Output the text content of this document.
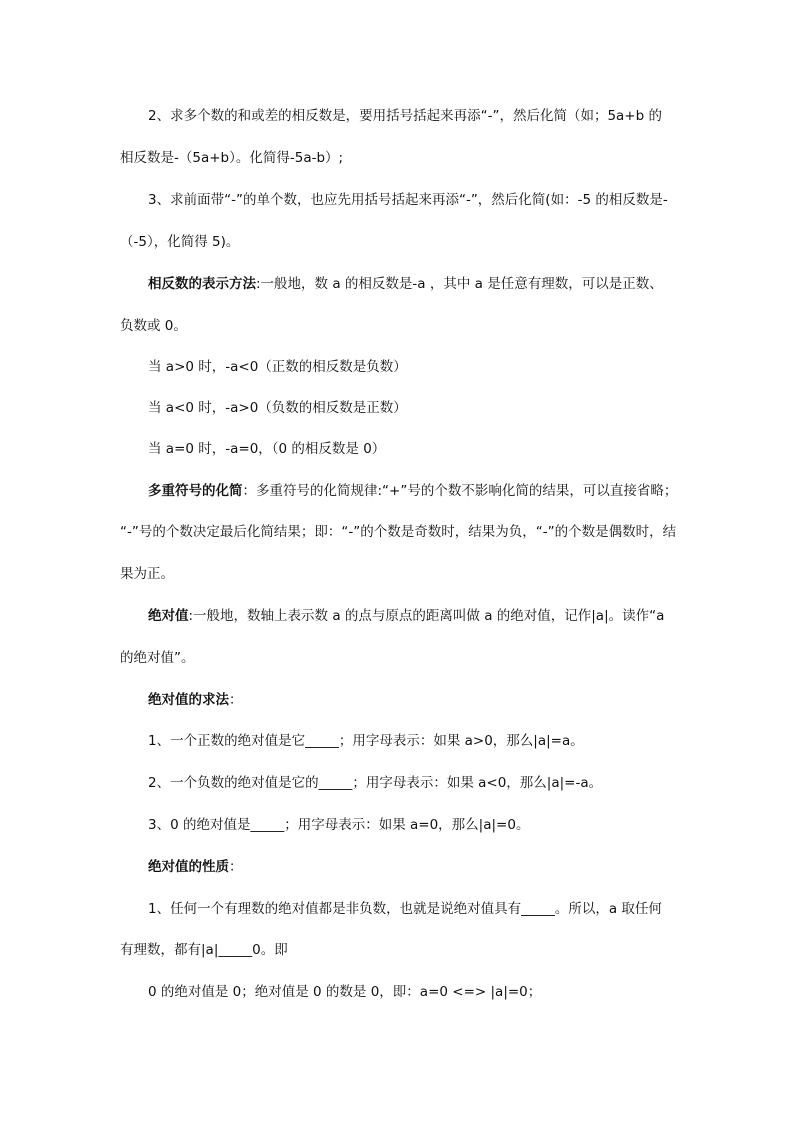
2、求多个数的和或差的相反数是，要用括号括起来再添“-”，然后化简（如；5a+b 的
相反数是-（5a+b）。化简得-5a-b）;
3、求前面带“-”的单个数，也应先用括号括起来再添“-”，然后化简(如：-5 的相反数是-
（-5），化简得 5)。
相反数的表示方法:一般地，数 a 的相反数是-a ，其中 a 是任意有理数，可以是正数、
负数或 0。
当 a>0 时，-a<0（正数的相反数是负数）
当 a<0 时，-a>0（负数的相反数是正数）
当 a=0 时，-a=0，（0 的相反数是 0）
多重符号的化简：多重符号的化简规律:“+”号的个数不影响化简的结果，可以直接省略；
“-”号的个数决定最后化简结果；即：“-”的个数是奇数时，结果为负，“-”的个数是偶数时，结
果为正。
绝对值:一般地，数轴上表示数 a 的点与原点的距离叫做 a 的绝对值，记作|a|。读作“a
的绝对值”。
绝对值的求法：
1、一个正数的绝对值是它_____；用字母表示：如果 a>0，那么|a|=a。
2、一个负数的绝对值是它的_____；用字母表示：如果 a<0，那么|a|=-a。
3、0 的绝对值是_____；用字母表示：如果 a=0，那么|a|=0。
绝对值的性质：
1、任何一个有理数的绝对值都是非负数，也就是说绝对值具有_____。所以，a 取任何
有理数，都有|a|_____0。即
0 的绝对值是 0；绝对值是 0 的数是 0，即：a=0 <=> |a|=0；
